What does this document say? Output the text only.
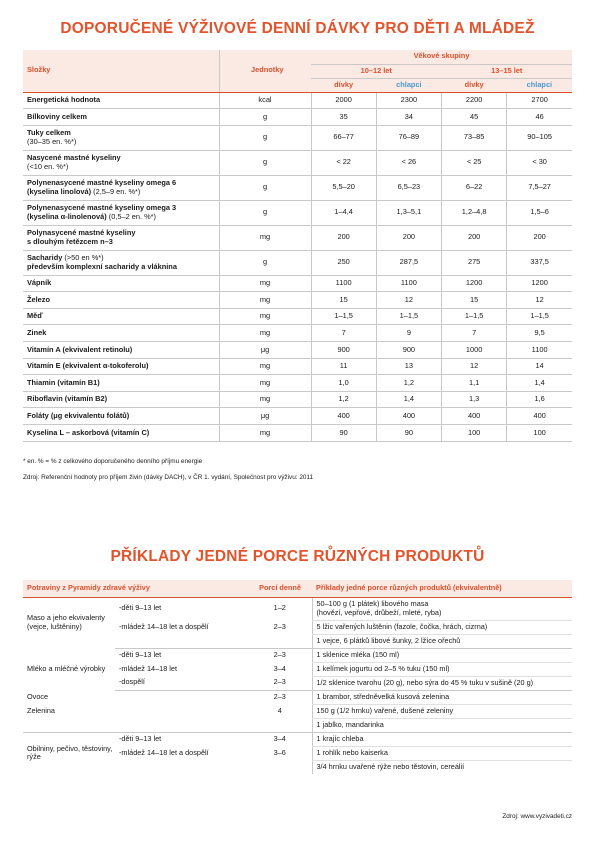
DOPORUČENÉ VÝŽIVOVÉ DENNÍ DÁVKY PRO DĚTI A MLÁDEŽ
Složky	Jednotky	Věkové skupiny			
		10–12 let		13–15 let	
		dívky	chlapci	dívky	chlapci
Energetická hodnota	kcal	2000	2300	2200	2700
Bílkoviny celkem	g	35	34	45	46
Tuky celkem
(30–35 en. %*)	g	66–77	76–89	73–85	90–105
Nasycené mastné kyseliny
(<10 en. %*)	g	< 22	< 26	< 25	< 30
Polynenasycené mastné kyseliny omega 6
(kyselina linolová) (2,5–9 en. %*)	g	5,5–20	6,5–23	6–22	7,5–27
Polynenasycené mastné kyseliny omega 3
(kyselina α-linolenová) (0,5–2 en. %*)	g	1–4,4	1,3–5,1	1,2–4,8	1,5–6
Polynasycené mastné kyseliny
s dlouhým řetězcem n–3	mg	200	200	200	200
Sacharidy (>50 en %*)
především komplexní sacharidy a vláknina	g	250	287,5	275	337,5
Vápník	mg	1100	1100	1200	1200
Železo	mg	15	12	15	12
Měď	mg	1–1,5	1–1,5	1–1,5	1–1,5
Zinek	mg	7	9	7	9,5
Vitamín A (ekvivalent retinolu)	μg	900	900	1000	1100
Vitamín E (ekvivalent α-tokoferolu)	mg	11	13	12	14
Thiamin (vitamín B1)	mg	1,0	1,2	1,1	1,4
Riboflavin (vitamín B2)	mg	1,2	1,4	1,3	1,6
Foláty (μg ekvivalentu folátů)	μg	400	400	400	400
Kyselina L – askorbová (vitamín C)	mg	90	90	100	100
* en. % = % z celkového doporučeného denního příjmu energie
Zdroj: Referenční hodnoty pro příjem živin (dávky DACH), v ČR 1. vydání, Společnost pro výživu: 2011
PŘÍKLADY JEDNÉ PORCE RŮZNÝCH PRODUKTŮ
Potraviny z Pyramidy zdravé výživy		Porcí denně	Příklady jedné porce různých produktů (ekvivalentně)
Maso a jeho ekvivalenty (vejce, luštěniny)	-děti 9–13 let	1–2	50–100 g (1 plátek) libového masa
(hovězí, vepřové, drůbeží, mleté, ryba)
	-mládež 14–18 let a dospělí	2–3	5 lžic vařených luštěnin (fazole, čočka, hrách, cizrna)
			1 vejce, 6 plátků libové šunky, 2 lžíce ořechů
Mléko a mléčné výrobky	-děti 9–13 let	2–3	1 sklenice mléka (150 ml)
	-mládež 14–18 let	3–4	1 kelímek jogurtu od 2–5 % tuku (150 ml)
	-dospělí	2–3	1/2 sklenice tvarohu (20 g), nebo sýra do 45 % tuku v sušině (20 g)
Ovoce		2–3	1 brambor, středněvelká kusová zelenina
Zelenina		4	150 g (1/2 hrnku) vařené, dušené zeleniny
			1 jablko, mandarinka
Obilniny, pečivo, těstoviny, rýže	-děti 9–13 let	3–4	1 krajíc chleba
	-mládež 14–18 let a dospělí	3–6	1 rohlík nebo kaiserka
			3/4 hrnku uvařené rýže nebo těstovin, cereálií
Zdroj: www.vyzivadeti.cz
